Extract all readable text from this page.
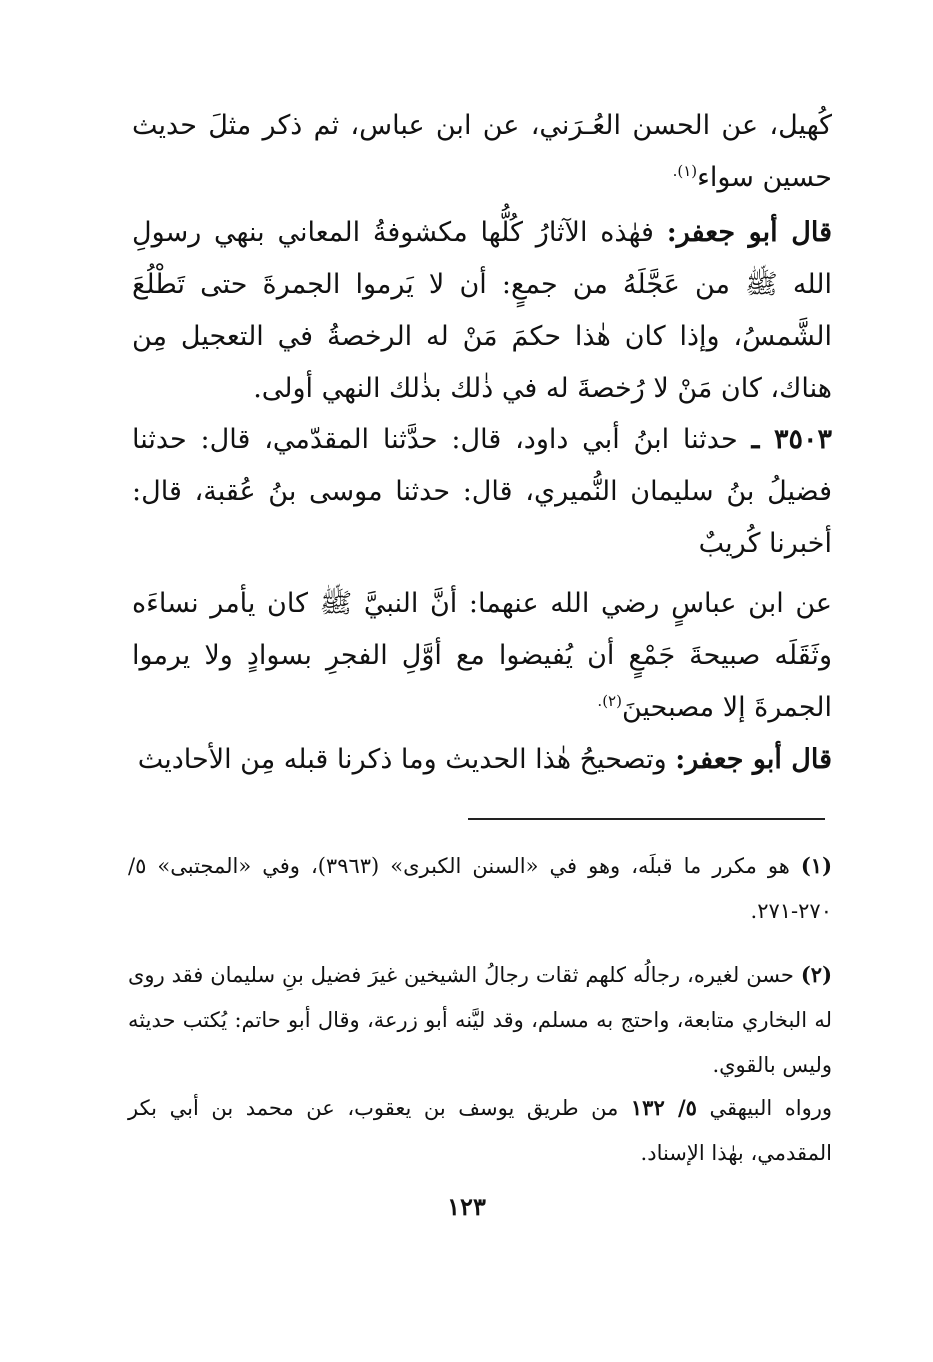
كُهيل، عن الحسن العُـرَني، عن ابن عباس، ثم ذكر مثلَ حديث حسين سواء$^{(١).}$
قال أبو جعفر: فهٰذه الآثارُ كُلُّها مكشوفةُ المعاني بنهي رسولِ الله ﷺ من عَجَّلَهُ من جمعٍ: أن لا يَرموا الجمرةَ حتى تَطْلُعَ الشَّمسُ، وإذا كان هٰذا حكمَ مَنْ له الرخصةُ في التعجيل مِن هناك، كان مَنْ لا رُخصةَ له في ذٰلك بذٰلك النهي أولى.
٣٥٠٣ ـ حدثنا ابنُ أبي داود، قال: حدَّثنا المقدّمي، قال: حدثنا فضيلُ بنُ سليمان النُّميري، قال: حدثنا موسى بنُ عُقبة، قال: أخبرنا كُريبٌ
عن ابن عباسٍ رضي الله عنهما: أنَّ النبيَّ ﷺ كان يأمر نساءَه وثَقَلَه صبيحةَ جَمْعٍ أن يُفيضوا مع أوَّلِ الفجرِ بسوادٍ ولا يرموا الجمرةَ إلا مصبحينَ$^{(٢).}$
قال أبو جعفر: وتصحيحُ هٰذا الحديث وما ذكرنا قبله مِن الأحاديث
(١) هو مكرر ما قبلَه، وهو في «السنن الكبرى» (٣٩٦٣)، وفي «المجتبى» ٥/ ٢٧٠-٢٧١.
(٢) حسن لغيره، رجالُه كلهم ثقات رجالُ الشيخين غيرَ فضيل بنِ سليمان فقد روى له البخاري متابعة، واحتج به مسلم، وقد ليَّنه أبو زرعة، وقال أبو حاتم: يُكتب حديثه وليس بالقوي.
ورواه البيهقي ٥/ ١٣٢ من طريق يوسف بن يعقوب، عن محمد بن أبي بكر المقدمي، بهٰذا الإسناد.
١٢٣
